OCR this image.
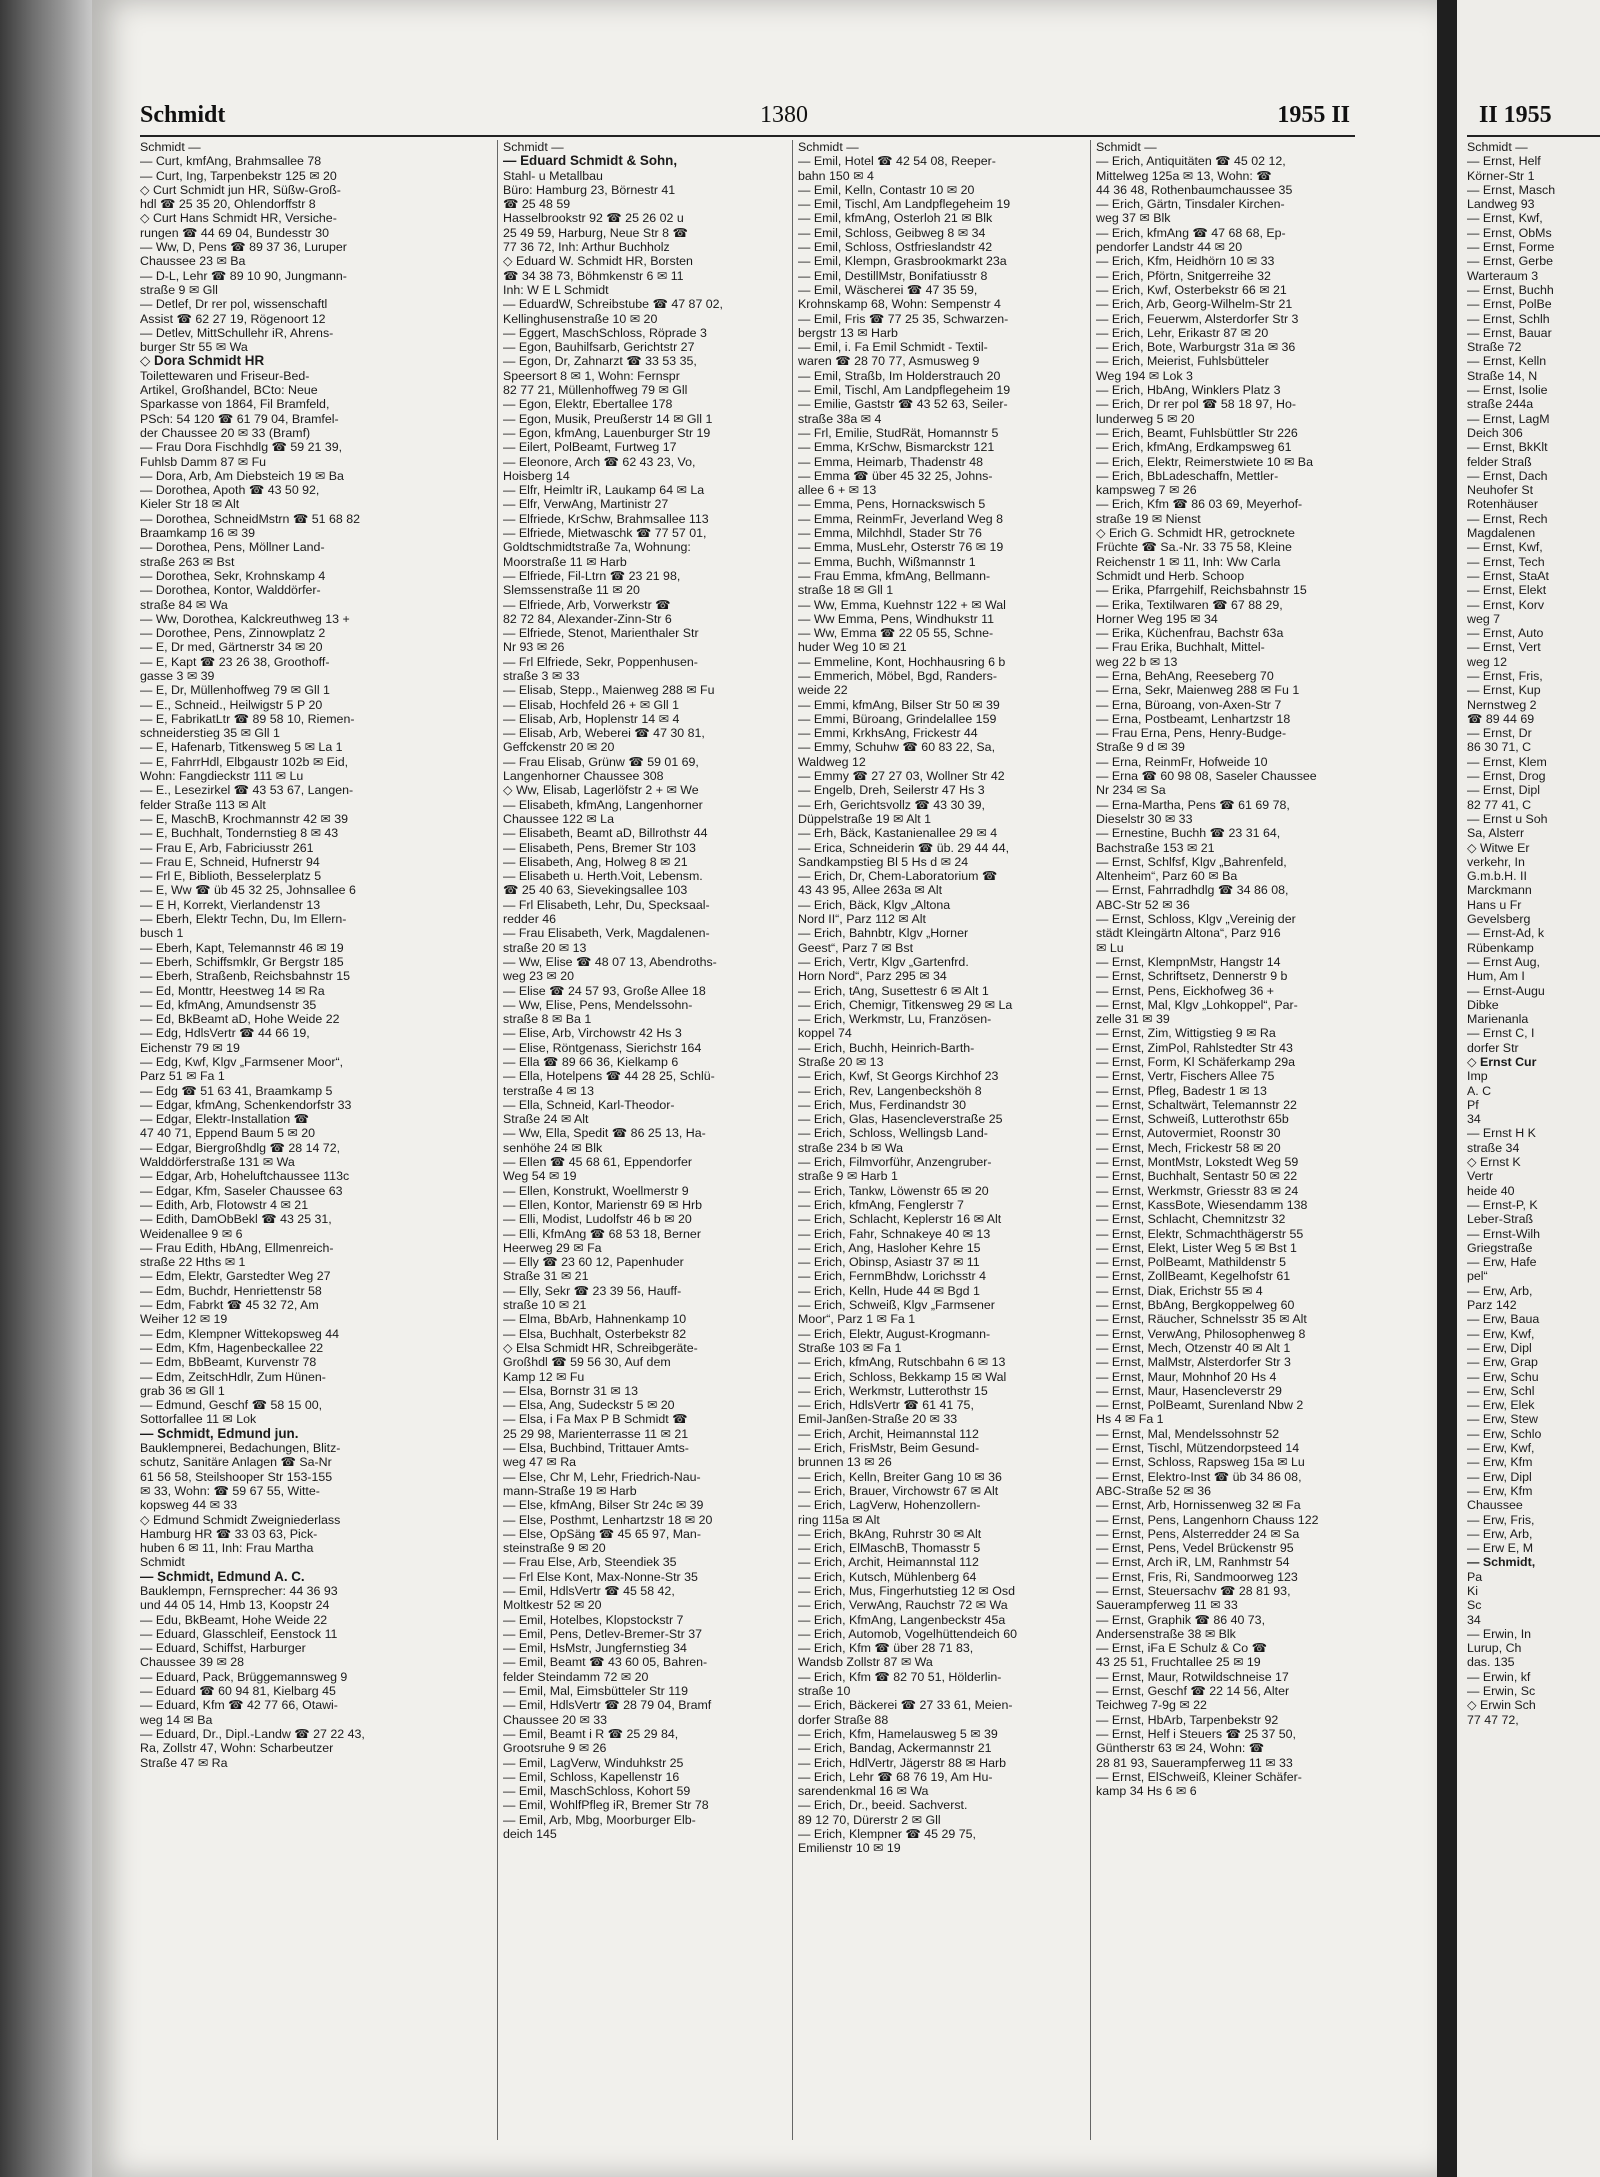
Schmidt	1380	1955 II
Schmidt —
— Curt, kmfAng, Brahmsallee 78
— Curt, Ing, Tarpenbekstr 125 ✉ 20
◇ Curt Schmidt jun HR, Süßw-Groß-
hdl ☎ 25 35 20, Ohlendorffstr 8
◇ Curt Hans Schmidt HR, Versiche-
rungen ☎ 44 69 04, Bundesstr 30
— Ww, D, Pens ☎ 89 37 36, Luruper
Chaussee 23 ✉ Ba
— D-L, Lehr ☎ 89 10 90, Jungmann-
straße 9 ✉ Gll
— Detlef, Dr rer pol, wissenschaftl
Assist ☎ 62 27 19, Rögenoort 12
— Detlev, MittSchullehr iR, Ahrens-
burger Str 55 ✉ Wa
◇ Dora Schmidt HR
Toilettewaren und Friseur-Bed-
Artikel, Großhandel, BCto: Neue
Sparkasse von 1864, Fil Bramfeld,
PSch: 54 120 ☎ 61 79 04, Bramfel-
der Chaussee 20 ✉ 33 (Bramf)
— Frau Dora Fischhdlg ☎ 59 21 39,
Fuhlsb Damm 87 ✉ Fu
— Dora, Arb, Am Diebsteich 19 ✉ Ba
— Dorothea, Apoth ☎ 43 50 92,
Kieler Str 18 ✉ Alt
— Dorothea, SchneidMstrn ☎ 51 68 82
Braamkamp 16 ✉ 39
— Dorothea, Pens, Möllner Land-
straße 263 ✉ Bst
— Dorothea, Sekr, Krohnskamp 4
— Dorothea, Kontor, Walddörfer-
straße 84 ✉ Wa
— Ww, Dorothea, Kalckreuthweg 13 +
— Dorothee, Pens, Zinnowplatz 2
— E, Dr med, Gärtnerstr 34 ✉ 20
— E, Kapt ☎ 23 26 38, Groothoff-
gasse 3 ✉ 39
— E, Dr, Müllenhoffweg 79 ✉ Gll 1
— E., Schneid., Heilwigstr 5 P 20
— E, FabrikatLtr ☎ 89 58 10, Riemen-
schneiderstieg 35 ✉ Gll 1
— E, Hafenarb, Titkensweg 5 ✉ La 1
— E, FahrrHdl, Elbgaustr 102b ✉ Eid,
Wohn: Fangdieckstr 111 ✉ Lu
— E., Lesezirkel ☎ 43 53 67, Langen-
felder Straße 113 ✉ Alt
— E, MaschB, Krochmannstr 42 ✉ 39
— E, Buchhalt, Tondernstieg 8 ✉ 43
— Frau E, Arb, Fabriciusstr 261
— Frau E, Schneid, Hufnerstr 94
— Frl E, Biblioth, Besselerplatz 5
— E, Ww ☎ üb 45 32 25, Johnsallee 6
— E H, Korrekt, Vierlandenstr 13
— Eberh, Elektr Techn, Du, Im Ellern-
busch 1
— Eberh, Kapt, Telemannstr 46 ✉ 19
— Eberh, Schiffsmklr, Gr Bergstr 185
— Eberh, Straßenb, Reichsbahnstr 15
— Ed, Monttr, Heestweg 14 ✉ Ra
— Ed, kfmAng, Amundsenstr 35
— Ed, BkBeamt aD, Hohe Weide 22
— Edg, HdlsVertr ☎ 44 66 19,
Eichenstr 79 ✉ 19
— Edg, Kwf, Klgv „Farmsener Moor“,
Parz 51 ✉ Fa 1
— Edg ☎ 51 63 41, Braamkamp 5
— Edgar, kfmAng, Schenkendorfstr 33
— Edgar, Elektr-Installation ☎
47 40 71, Eppend Baum 5 ✉ 20
— Edgar, Biergroßhdlg ☎ 28 14 72,
Walddörferstraße 131 ✉ Wa
— Edgar, Arb, Hoheluftchaussee 113c
— Edgar, Kfm, Saseler Chaussee 63
— Edith, Arb, Flotowstr 4 ✉ 21
— Edith, DamObBekl ☎ 43 25 31,
Weidenallee 9 ✉ 6
— Frau Edith, HbAng, Ellmenreich-
straße 22 Hths ✉ 1
— Edm, Elektr, Garstedter Weg 27
— Edm, Buchdr, Henriettenstr 58
— Edm, Fabrkt ☎ 45 32 72, Am
Weiher 12 ✉ 19
— Edm, Klempner Wittekopsweg 44
— Edm, Kfm, Hagenbeckallee 22
— Edm, BbBeamt, Kurvenstr 78
— Edm, ZeitschHdlr, Zum Hünen-
grab 36 ✉ Gll 1
— Edmund, Geschf ☎ 58 15 00,
Sottorfallee 11 ✉ Lok
— Schmidt, Edmund jun.
Bauklempnerei, Bedachungen, Blitz-
schutz, Sanitäre Anlagen ☎ Sa-Nr
61 56 58, Steilshooper Str 153-155
✉ 33, Wohn: ☎ 59 67 55, Witte-
kopsweg 44 ✉ 33
◇ Edmund Schmidt Zweigniederlass
Hamburg HR ☎ 33 03 63, Pick-
huben 6 ✉ 11, Inh: Frau Martha
Schmidt
— Schmidt, Edmund A. C.
Bauklempn, Fernsprecher: 44 36 93
und 44 05 14, Hmb 13, Koopstr 24
— Edu, BkBeamt, Hohe Weide 22
— Eduard, Glasschleif, Eenstock 11
— Eduard, Schiffst, Harburger
Chaussee 39 ✉ 28
— Eduard, Pack, Brüggemannsweg 9
— Eduard ☎ 60 94 81, Kielbarg 45
— Eduard, Kfm ☎ 42 77 66, Otawi-
weg 14 ✉ Ba
— Eduard, Dr., Dipl.-Landw ☎ 27 22 43,
Ra, Zollstr 47, Wohn: Scharbeutzer
Straße 47 ✉ Ra
Schmidt —
— Eduard Schmidt & Sohn,
Stahl- u Metallbau
Büro: Hamburg 23, Börnestr 41
☎ 25 48 59
Hasselbrookstr 92 ☎ 25 26 02 u
25 49 59, Harburg, Neue Str 8 ☎
77 36 72, Inh: Arthur Buchholz
◇ Eduard W. Schmidt HR, Borsten
☎ 34 38 73, Böhmkenstr 6 ✉ 11
Inh: W E L Schmidt
— EduardW, Schreibstube ☎ 47 87 02,
Kellinghusenstraße 10 ✉ 20
— Eggert, MaschSchloss, Röprade 3
— Egon, Bauhilfsarb, Gerichtstr 27
— Egon, Dr, Zahnarzt ☎ 33 53 35,
Speersort 8 ✉ 1, Wohn: Fernspr
82 77 21, Müllenhoffweg 79 ✉ Gll
— Egon, Elektr, Ebertallee 178
— Egon, Musik, Preußerstr 14 ✉ Gll 1
— Egon, kfmAng, Lauenburger Str 19
— Eilert, PolBeamt, Furtweg 17
— Eleonore, Arch ☎ 62 43 23, Vo,
Hoisberg 14
— Elfr, Heimltr iR, Laukamp 64 ✉ La
— Elfr, VerwAng, Martinistr 27
— Elfriede, KrSchw, Brahmsallee 113
— Elfriede, Mietwaschk ☎ 77 57 01,
Goldtschmidtstraße 7a, Wohnung:
Moorstraße 11 ✉ Harb
— Elfriede, Fil-Ltrn ☎ 23 21 98,
Slemssenstraße 11 ✉ 20
— Elfriede, Arb, Vorwerkstr ☎
82 72 84, Alexander-Zinn-Str 6
— Elfriede, Stenot, Marienthaler Str
Nr 93 ✉ 26
— Frl Elfriede, Sekr, Poppenhusen-
straße 3 ✉ 33
— Elisab, Stepp., Maienweg 288 ✉ Fu
— Elisab, Hochfeld 26 + ✉ Gll 1
— Elisab, Arb, Hoplenstr 14 ✉ 4
— Elisab, Arb, Weberei ☎ 47 30 81,
Geffckenstr 20 ✉ 20
— Frau Elisab, Grünw ☎ 59 01 69,
Langenhorner Chaussee 308
◇ Ww, Elisab, Lagerlöfstr 2 + ✉ We
— Elisabeth, kfmAng, Langenhorner
Chaussee 122 ✉ La
— Elisabeth, Beamt aD, Billrothstr 44
— Elisabeth, Pens, Bremer Str 103
— Elisabeth, Ang, Holweg 8 ✉ 21
— Elisabeth u. Herth.Voit, Lebensm.
☎ 25 40 63, Sievekingsallee 103
— Frl Elisabeth, Lehr, Du, Specksaal-
redder 46
— Frau Elisabeth, Verk, Magdalenen-
straße 20 ✉ 13
— Ww, Elise ☎ 48 07 13, Abendroths-
weg 23 ✉ 20
— Elise ☎ 24 57 93, Große Allee 18
— Ww, Elise, Pens, Mendelssohn-
straße 8 ✉ Ba 1
— Elise, Arb, Virchowstr 42 Hs 3
— Elise, Röntgenass, Sierichstr 164
— Ella ☎ 89 66 36, Kielkamp 6
— Ella, Hotelpens ☎ 44 28 25, Schlü-
terstraße 4 ✉ 13
— Ella, Schneid, Karl-Theodor-
Straße 24 ✉ Alt
— Ww, Ella, Spedit ☎ 86 25 13, Ha-
senhöhe 24 ✉ Blk
— Ellen ☎ 45 68 61, Eppendorfer
Weg 54 ✉ 19
— Ellen, Konstrukt, Woellmerstr 9
— Ellen, Kontor, Marienstr 69 ✉ Hrb
— Elli, Modist, Ludolfstr 46 b ✉ 20
— Elli, KfmAng ☎ 68 53 18, Berner
Heerweg 29 ✉ Fa
— Elly ☎ 23 60 12, Papenhuder
Straße 31 ✉ 21
— Elly, Sekr ☎ 23 39 56, Hauff-
straße 10 ✉ 21
— Elma, BbArb, Hahnenkamp 10
— Elsa, Buchhalt, Osterbekstr 82
◇ Elsa Schmidt HR, Schreibgeräte-
Großhdl ☎ 59 56 30, Auf dem
Kamp 12 ✉ Fu
— Elsa, Bornstr 31 ✉ 13
— Elsa, Ang, Sudeckstr 5 ✉ 20
— Elsa, i Fa Max P B Schmidt ☎
25 29 98, Marienterrasse 11 ✉ 21
— Elsa, Buchbind, Trittauer Amts-
weg 47 ✉ Ra
— Else, Chr M, Lehr, Friedrich-Nau-
mann-Straße 19 ✉ Harb
— Else, kfmAng, Bilser Str 24c ✉ 39
— Else, Posthmt, Lenhartzstr 18 ✉ 20
— Else, OpSäng ☎ 45 65 97, Man-
steinstraße 9 ✉ 20
— Frau Else, Arb, Steendiek 35
— Frl Else Kont, Max-Nonne-Str 35
— Emil, HdlsVertr ☎ 45 58 42,
Moltkestr 52 ✉ 20
— Emil, Hotelbes, Klopstockstr 7
— Emil, Pens, Detlev-Bremer-Str 37
— Emil, HsMstr, Jungfernstieg 34
— Emil, Beamt ☎ 43 60 05, Bahren-
felder Steindamm 72 ✉ 20
— Emil, Mal, Eimsbütteler Str 119
— Emil, HdlsVertr ☎ 28 79 04, Bramf
Chaussee 20 ✉ 33
— Emil, Beamt i R ☎ 25 29 84,
Grootsruhe 9 ✉ 26
— Emil, LagVerw, Winduhkstr 25
— Emil, Schloss, Kapellenstr 16
— Emil, MaschSchloss, Kohort 59
— Emil, WohlfPfleg iR, Bremer Str 78
— Emil, Arb, Mbg, Moorburger Elb-
deich 145
Schmidt —
— Emil, Hotel ☎ 42 54 08, Reeper-
bahn 150 ✉ 4
— Emil, Kelln, Contastr 10 ✉ 20
— Emil, Tischl, Am Landpflegeheim 19
— Emil, kfmAng, Osterloh 21 ✉ Blk
— Emil, Schloss, Geibweg 8 ✉ 34
— Emil, Schloss, Ostfrieslandstr 42
— Emil, Klempn, Grasbrookmarkt 23a
— Emil, DestillMstr, Bonifatiusstr 8
— Emil, Wäscherei ☎ 47 35 59,
Krohnskamp 68, Wohn: Sempenstr 4
— Emil, Fris ☎ 77 25 35, Schwarzen-
bergstr 13 ✉ Harb
— Emil, i. Fa Emil Schmidt - Textil-
waren ☎ 28 70 77, Asmusweg 9
— Emil, Straßb, Im Holderstrauch 20
— Emil, Tischl, Am Landpflegeheim 19
— Emilie, Gaststr ☎ 43 52 63, Seiler-
straße 38a ✉ 4
— Frl, Emilie, StudRät, Homannstr 5
— Emma, KrSchw, Bismarckstr 121
— Emma, Heimarb, Thadenstr 48
— Emma ☎ über 45 32 25, Johns-
allee 6 + ✉ 13
— Emma, Pens, Hornackswisch 5
— Emma, ReinmFr, Jeverland Weg 8
— Emma, Milchhdl, Stader Str 76
— Emma, MusLehr, Osterstr 76 ✉ 19
— Emma, Buchh, Wißmannstr 1
— Frau Emma, kfmAng, Bellmann-
straße 18 ✉ Gll 1
— Ww, Emma, Kuehnstr 122 + ✉ Wal
— Ww Emma, Pens, Windhukstr 11
— Ww, Emma ☎ 22 05 55, Schne-
huder Weg 10 ✉ 21
— Emmeline, Kont, Hochhausring 6 b
— Emmerich, Möbel, Bgd, Randers-
weide 22
— Emmi, kfmAng, Bilser Str 50 ✉ 39
— Emmi, Büroang, Grindelallee 159
— Emmi, KrkhsAng, Frickestr 44
— Emmy, Schuhw ☎ 60 83 22, Sa,
Waldweg 12
— Emmy ☎ 27 27 03, Wollner Str 42
— Engelb, Dreh, Seilerstr 47 Hs 3
— Erh, Gerichtsvollz ☎ 43 30 39,
Düppelstraße 19 ✉ Alt 1
— Erh, Bäck, Kastanienallee 29 ✉ 4
— Erica, Schneiderin ☎ üb. 29 44 44,
Sandkampstieg Bl 5 Hs d ✉ 24
— Erich, Dr, Chem-Laboratorium ☎
43 43 95, Allee 263a ✉ Alt
— Erich, Bäck, Klgv „Altona
Nord II“, Parz 112 ✉ Alt
— Erich, Bahnbtr, Klgv „Horner
Geest“, Parz 7 ✉ Bst
— Erich, Vertr, Klgv „Gartenfrd.
Horn Nord“, Parz 295 ✉ 34
— Erich, tAng, Susettestr 6 ✉ Alt 1
— Erich, Chemigr, Titkensweg 29 ✉ La
— Erich, Werkmstr, Lu, Französen-
koppel 74
— Erich, Buchh, Heinrich-Barth-
Straße 20 ✉ 13
— Erich, Kwf, St Georgs Kirchhof 23
— Erich, Rev, Langenbeckshöh 8
— Erich, Mus, Ferdinandstr 30
— Erich, Glas, Hasencleverstraße 25
— Erich, Schloss, Wellingsb Land-
straße 234 b ✉ Wa
— Erich, Filmvorführ, Anzengruber-
straße 9 ✉ Harb 1
— Erich, Tankw, Löwenstr 65 ✉ 20
— Erich, kfmAng, Fenglerstr 7
— Erich, Schlacht, Keplerstr 16 ✉ Alt
— Erich, Fahr, Schnakeye 40 ✉ 13
— Erich, Ang, Hasloher Kehre 15
— Erich, Obinsp, Asiastr 37 ✉ 11
— Erich, FernmBhdw, Lorichsstr 4
— Erich, Kelln, Hude 44 ✉ Bgd 1
— Erich, Schweiß, Klgv „Farmsener
Moor“, Parz 1 ✉ Fa 1
— Erich, Elektr, August-Krogmann-
Straße 103 ✉ Fa 1
— Erich, kfmAng, Rutschbahn 6 ✉ 13
— Erich, Schloss, Bekkamp 15 ✉ Wal
— Erich, Werkmstr, Lutterothstr 15
— Erich, HdlsVertr ☎ 61 41 75,
Emil-Janßen-Straße 20 ✉ 33
— Erich, Archit, Heimannstal 112
— Erich, FrisMstr, Beim Gesund-
brunnen 13 ✉ 26
— Erich, Kelln, Breiter Gang 10 ✉ 36
— Erich, Brauer, Virchowstr 67 ✉ Alt
— Erich, LagVerw, Hohenzollern-
ring 115a ✉ Alt
— Erich, BkAng, Ruhrstr 30 ✉ Alt
— Erich, ElMaschB, Thomasstr 5
— Erich, Archit, Heimannstal 112
— Erich, Kutsch, Mühlenberg 64
— Erich, Mus, Fingerhutstieg 12 ✉ Osd
— Erich, VerwAng, Rauchstr 72 ✉ Wa
— Erich, KfmAng, Langenbeckstr 45a
— Erich, Automob, Vogelhüttendeich 60
— Erich, Kfm ☎ über 28 71 83,
Wandsb Zollstr 87 ✉ Wa
— Erich, Kfm ☎ 82 70 51, Hölderlin-
straße 10
— Erich, Bäckerei ☎ 27 33 61, Meien-
dorfer Straße 88
— Erich, Kfm, Hamelausweg 5 ✉ 39
— Erich, Bandag, Ackermannstr 21
— Erich, HdlVertr, Jägerstr 88 ✉ Harb
— Erich, Lehr ☎ 68 76 19, Am Hu-
sarendenkmal 16 ✉ Wa
— Erich, Dr., beeid. Sachverst.
89 12 70, Dürerstr 2 ✉ Gll
— Erich, Klempner ☎ 45 29 75,
Emilienstr 10 ✉ 19
Schmidt —
— Erich, Antiquitäten ☎ 45 02 12,
Mittelweg 125a ✉ 13, Wohn: ☎
44 36 48, Rothenbaumchaussee 35
— Erich, Gärtn, Tinsdaler Kirchen-
weg 37 ✉ Blk
— Erich, kfmAng ☎ 47 68 68, Ep-
pendorfer Landstr 44 ✉ 20
— Erich, Kfm, Heidhörn 10 ✉ 33
— Erich, Pförtn, Snitgerreihe 32
— Erich, Kwf, Osterbekstr 66 ✉ 21
— Erich, Arb, Georg-Wilhelm-Str 21
— Erich, Feuerwm, Alsterdorfer Str 3
— Erich, Lehr, Erikastr 87 ✉ 20
— Erich, Bote, Warburgstr 31a ✉ 36
— Erich, Meierist, Fuhlsbütteler
Weg 194 ✉ Lok 3
— Erich, HbAng, Winklers Platz 3
— Erich, Dr rer pol ☎ 58 18 97, Ho-
lunderweg 5 ✉ 20
— Erich, Beamt, Fuhlsbüttler Str 226
— Erich, kfmAng, Erdkampsweg 61
— Erich, Elektr, Reimerstwiete 10 ✉ Ba
— Erich, BbLadeschaffn, Mettler-
kampsweg 7 ✉ 26
— Erich, Kfm ☎ 86 03 69, Meyerhof-
straße 19 ✉ Nienst
◇ Erich G. Schmidt HR, getrocknete
Früchte ☎ Sa.-Nr. 33 75 58, Kleine
Reichenstr 1 ✉ 11, Inh: Ww Carla
Schmidt und Herb. Schoop
— Erika, Pfarrgehilf, Reichsbahnstr 15
— Erika, Textilwaren ☎ 67 88 29,
Horner Weg 195 ✉ 34
— Erika, Küchenfrau, Bachstr 63a
— Frau Erika, Buchhalt, Mittel-
weg 22 b ✉ 13
— Erna, BehAng, Reeseberg 70
— Erna, Sekr, Maienweg 288 ✉ Fu 1
— Erna, Büroang, von-Axen-Str 7
— Erna, Postbeamt, Lenhartzstr 18
— Frau Erna, Pens, Henry-Budge-
Straße 9 d ✉ 39
— Erna, ReinmFr, Hofweide 10
— Erna ☎ 60 98 08, Saseler Chaussee
Nr 234 ✉ Sa
— Erna-Martha, Pens ☎ 61 69 78,
Dieselstr 30 ✉ 33
— Ernestine, Buchh ☎ 23 31 64,
Bachstraße 153 ✉ 21
— Ernst, Schlfsf, Klgv „Bahrenfeld,
Altenheim“, Parz 60 ✉ Ba
— Ernst, Fahrradhdlg ☎ 34 86 08,
ABC-Str 52 ✉ 36
— Ernst, Schloss, Klgv „Vereinig der
städt Kleingärtn Altona“, Parz 916
✉ Lu
— Ernst, KlempnMstr, Hangstr 14
— Ernst, Schriftsetz, Dennerstr 9 b
— Ernst, Pens, Eickhofweg 36 +
— Ernst, Mal, Klgv „Lohkoppel“, Par-
zelle 31 ✉ 39
— Ernst, Zim, Wittigstieg 9 ✉ Ra
— Ernst, ZimPol, Rahlstedter Str 43
— Ernst, Form, Kl Schäferkamp 29a
— Ernst, Vertr, Fischers Allee 75
— Ernst, Pfleg, Badestr 1 ✉ 13
— Ernst, Schaltwärt, Telemannstr 22
— Ernst, Schweiß, Lutterothstr 65b
— Ernst, Autovermiet, Roonstr 30
— Ernst, Mech, Frickestr 58 ✉ 20
— Ernst, MontMstr, Lokstedt Weg 59
— Ernst, Buchhalt, Sentastr 50 ✉ 22
— Ernst, Werkmstr, Griesstr 83 ✉ 24
— Ernst, KassBote, Wiesendamm 138
— Ernst, Schlacht, Chemnitzstr 32
— Ernst, Elektr, Schmachthägerstr 55
— Ernst, Elekt, Lister Weg 5 ✉ Bst 1
— Ernst, PolBeamt, Mathildenstr 5
— Ernst, ZollBeamt, Kegelhofstr 61
— Ernst, Diak, Erichstr 55 ✉ 4
— Ernst, BbAng, Bergkoppelweg 60
— Ernst, Räucher, Schnelsstr 35 ✉ Alt
— Ernst, VerwAng, Philosophenweg 8
— Ernst, Mech, Otzenstr 40 ✉ Alt 1
— Ernst, MalMstr, Alsterdorfer Str 3
— Ernst, Maur, Mohnhof 20 Hs 4
— Ernst, Maur, Hasencleverstr 29
— Ernst, PolBeamt, Surenland Nbw 2
Hs 4 ✉ Fa 1
— Ernst, Mal, Mendelssohnstr 52
— Ernst, Tischl, Mützendorpsteed 14
— Ernst, Schloss, Rapsweg 15a ✉ Lu
— Ernst, Elektro-Inst ☎ üb 34 86 08,
ABC-Straße 52 ✉ 36
— Ernst, Arb, Hornissenweg 32 ✉ Fa
— Ernst, Pens, Langenhorn Chauss 122
— Ernst, Pens, Alsterredder 24 ✉ Sa
— Ernst, Pens, Vedel Brückenstr 95
— Ernst, Arch iR, LM, Ranhmstr 54
— Ernst, Fris, Ri, Sandmoorweg 123
— Ernst, Steuersachv ☎ 28 81 93,
Sauerampferweg 11 ✉ 33
— Ernst, Graphik ☎ 86 40 73,
Andersenstraße 38 ✉ Blk
— Ernst, iFa E Schulz & Co ☎
43 25 51, Fruchtallee 25 ✉ 19
— Ernst, Maur, Rotwildschneise 17
— Ernst, Geschf ☎ 22 14 56, Alter
Teichweg 7-9g ✉ 22
— Ernst, HbArb, Tarpenbekstr 92
— Ernst, Helf i Steuers ☎ 25 37 50,
Güntherstr 63 ✉ 24, Wohn: ☎
28 81 93, Sauerampferweg 11 ✉ 33
— Ernst, ElSchweiß, Kleiner Schäfer-
kamp 34 Hs 6 ✉ 6
II 1955
Schmidt —
— Ernst, Helf
Körner-Str 1
— Ernst, Masch
Landweg 93
— Ernst, Kwf,
— Ernst, ObMs
— Ernst, Forme
— Ernst, Gerbe
Warteraum 3
— Ernst, Buchh
— Ernst, PolBe
— Ernst, Schlh
— Ernst, Bauar
Straße 72
— Ernst, Kelln
Straße 14, N
— Ernst, Isolie
straße 244a
— Ernst, LagM
Deich 306
— Ernst, BkKlt
felder Straß
— Ernst, Dach
Neuhofer St
Rotenhäuser
— Ernst, Rech
Magdalenen
— Ernst, Kwf,
— Ernst, Tech
— Ernst, StaAt
— Ernst, Elekt
— Ernst, Korv
weg 7
— Ernst, Auto
— Ernst, Vert
weg 12
— Ernst, Fris,
— Ernst, Kup
Nernstweg 2
☎ 89 44 69
— Ernst, Dr
86 30 71, C
— Ernst, Klem
— Ernst, Drog
— Ernst, Dipl
82 77 41, C
— Ernst u Soh
Sa, Alsterr
◇ Witwe Er
verkehr, In
G.m.b.H. II
Marckmann
Hans u Fr
Gevelsberg
— Ernst-Ad, k
Rübenkamp
— Ernst Aug,
Hum, Am I
— Ernst-Augu
Dibke
Marienanla
— Ernst C, I
dorfer Str
◇ Ernst Cur
Imp
A. C
Pf
34
— Ernst H K
straße 34
◇ Ernst K
Vertr
heide 40
— Ernst-P, K
Leber-Straß
— Ernst-Wilh
Griegstraße
— Erw, Hafe
pel“
— Erw, Arb,
Parz 142
— Erw, Baua
— Erw, Kwf,
— Erw, Dipl
— Erw, Grap
— Erw, Schu
— Erw, Schl
— Erw, Elek
— Erw, Stew
— Erw, Schlo
— Erw, Kwf,
— Erw, Kfm
— Erw, Dipl
— Erw, Kfm
Chaussee
— Erw, Fris,
— Erw, Arb,
— Erw E, M
— Schmidt,
Pa
Ki
Sc
34
— Erwin, In
Lurup, Ch
das. 135
— Erwin, kf
— Erwin, Sc
◇ Erwin Sch
77 47 72,
